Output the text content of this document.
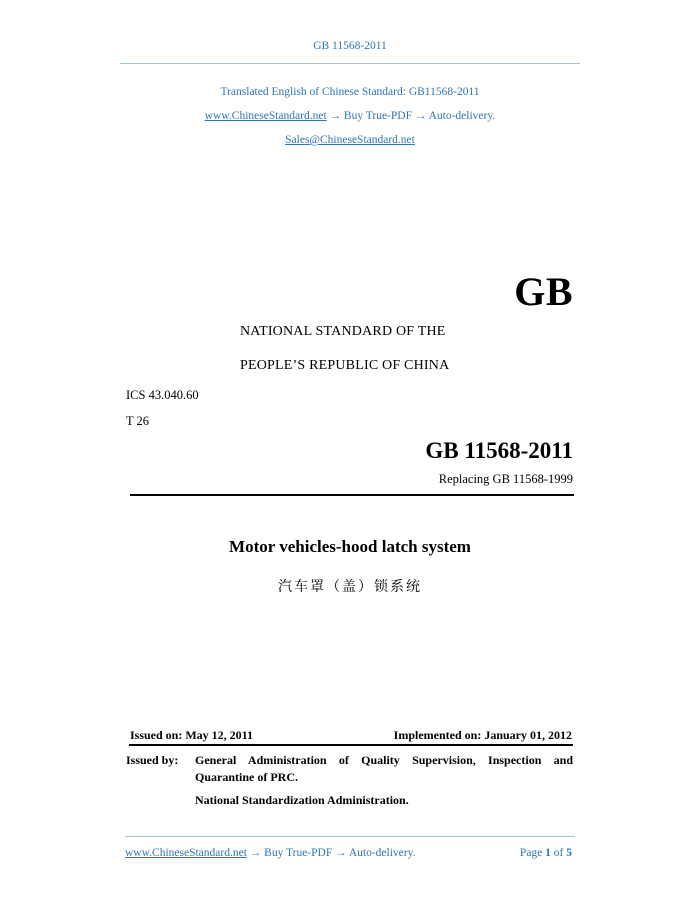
GB 11568-2011
Translated English of Chinese Standard: GB11568-2011
www.ChineseStandard.net → Buy True-PDF → Auto-delivery.
Sales@ChineseStandard.net
GB
NATIONAL STANDARD OF THE
PEOPLE’S REPUBLIC OF CHINA
ICS 43.040.60
T 26
GB 11568-2011
Replacing GB 11568-1999
Motor vehicles-hood latch system
汽车罩（盖）锁系统
Issued on: May 12, 2011	Implemented on: January 01, 2012
Issued by: General Administration of Quality Supervision, Inspection and Quarantine of PRC.
National Standardization Administration.
www.ChineseStandard.net → Buy True-PDF → Auto-delivery.	Page 1 of 5
